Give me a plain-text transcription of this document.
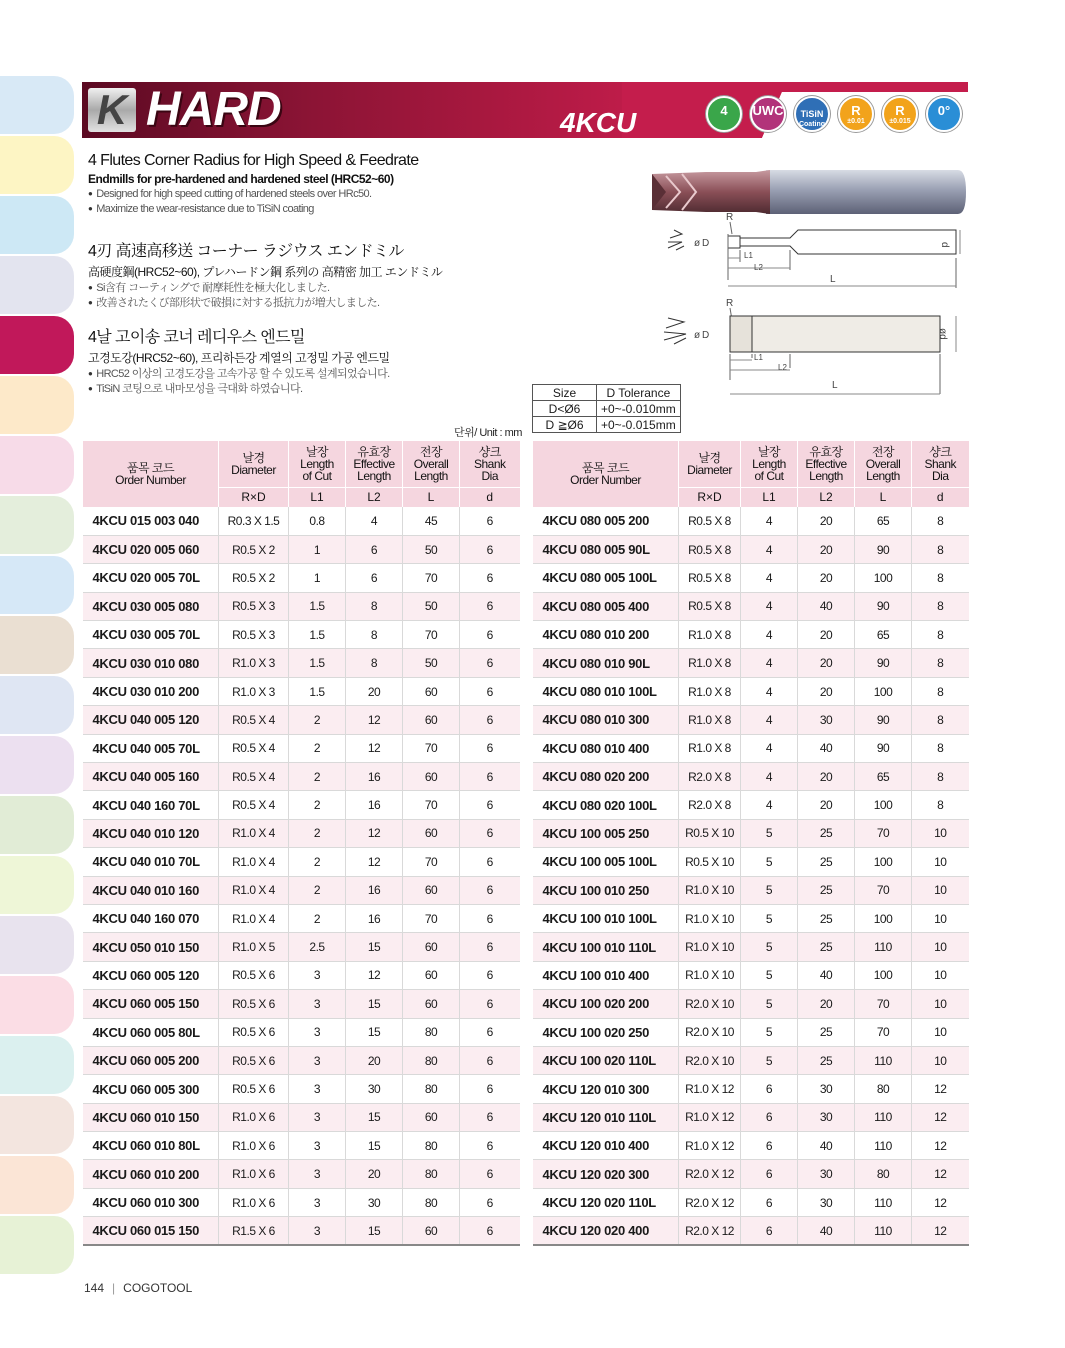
K HARD	4KCU	4	UWC	TiSiN
Coating
R
±0.01
R
±0.015
0°
4 Flutes Corner Radius for High Speed & Feedrate
Endmills for pre-hardened and hardened steel (HRC52~60)
● Designed for high speed cutting of hardened steels over HRc50.
● Maximize the wear-resistance due to TiSiN coating
4刃 高速高移送 コーナー ラジウス エンドミル
高硬度鋼(HRC52~60), プレハードン鋼 系列の 高精密 加工 エンドミル
● Si含有 コーティングで 耐摩耗性を極大化しました.
● 改善されたくび部形状で破損に対する抵抗力が増大しました.
4날 고이송 코너 레디우스 엔드밀
고경도강(HRC52~60), 프리하든강 계열의 고정밀 가공 엔드밀
● HRC52 이상의 고경도강을 고속가공 할 수 있도록 설계되었습니다.
● TiSiN 코팅으로 내마모성을 극대화 하였습니다.
R
ø D
L1
L2
L
d
R
ø D
L1
L2
L
ød
Size	D Tolerance
D<Ø6	+0~-0.010mm
D ≧Ø6	+0~-0.015mm
단위/ Unit : mm
품목 코드
Order Number	날경
Diameter	날장
Length
of Cut	유효장
Effective
Length	전장
Overall
Length	샹크
Shank
Dia
	R×D	L1	L2	L	d
4KCU 015 003 040	R0.3 X 1.5	0.8	4	45	6
4KCU 020 005 060	R0.5 X 2	1	6	50	6
4KCU 020 005 70L	R0.5 X 2	1	6	70	6
4KCU 030 005 080	R0.5 X 3	1.5	8	50	6
4KCU 030 005 70L	R0.5 X 3	1.5	8	70	6
4KCU 030 010 080	R1.0 X 3	1.5	8	50	6
4KCU 030 010 200	R1.0 X 3	1.5	20	60	6
4KCU 040 005 120	R0.5 X 4	2	12	60	6
4KCU 040 005 70L	R0.5 X 4	2	12	70	6
4KCU 040 005 160	R0.5 X 4	2	16	60	6
4KCU 040 160 70L	R0.5 X 4	2	16	70	6
4KCU 040 010 120	R1.0 X 4	2	12	60	6
4KCU 040 010 70L	R1.0 X 4	2	12	70	6
4KCU 040 010 160	R1.0 X 4	2	16	60	6
4KCU 040 160 070	R1.0 X 4	2	16	70	6
4KCU 050 010 150	R1.0 X 5	2.5	15	60	6
4KCU 060 005 120	R0.5 X 6	3	12	60	6
4KCU 060 005 150	R0.5 X 6	3	15	60	6
4KCU 060 005 80L	R0.5 X 6	3	15	80	6
4KCU 060 005 200	R0.5 X 6	3	20	80	6
4KCU 060 005 300	R0.5 X 6	3	30	80	6
4KCU 060 010 150	R1.0 X 6	3	15	60	6
4KCU 060 010 80L	R1.0 X 6	3	15	80	6
4KCU 060 010 200	R1.0 X 6	3	20	80	6
4KCU 060 010 300	R1.0 X 6	3	30	80	6
4KCU 060 015 150	R1.5 X 6	3	15	60	6
품목 코드
Order Number	날경
Diameter	날장
Length
of Cut	유효장
Effective
Length	전장
Overall
Length	샹크
Shank
Dia
	R×D	L1	L2	L	d
4KCU 080 005 200	R0.5 X 8	4	20	65	8
4KCU 080 005 90L	R0.5 X 8	4	20	90	8
4KCU 080 005 100L	R0.5 X 8	4	20	100	8
4KCU 080 005 400	R0.5 X 8	4	40	90	8
4KCU 080 010 200	R1.0 X 8	4	20	65	8
4KCU 080 010 90L	R1.0 X 8	4	20	90	8
4KCU 080 010 100L	R1.0 X 8	4	20	100	8
4KCU 080 010 300	R1.0 X 8	4	30	90	8
4KCU 080 010 400	R1.0 X 8	4	40	90	8
4KCU 080 020 200	R2.0 X 8	4	20	65	8
4KCU 080 020 100L	R2.0 X 8	4	20	100	8
4KCU 100 005 250	R0.5 X 10	5	25	70	10
4KCU 100 005 100L	R0.5 X 10	5	25	100	10
4KCU 100 010 250	R1.0 X 10	5	25	70	10
4KCU 100 010 100L	R1.0 X 10	5	25	100	10
4KCU 100 010 110L	R1.0 X 10	5	25	110	10
4KCU 100 010 400	R1.0 X 10	5	40	100	10
4KCU 100 020 200	R2.0 X 10	5	20	70	10
4KCU 100 020 250	R2.0 X 10	5	25	70	10
4KCU 100 020 110L	R2.0 X 10	5	25	110	10
4KCU 120 010 300	R1.0 X 12	6	30	80	12
4KCU 120 010 110L	R1.0 X 12	6	30	110	12
4KCU 120 010 400	R1.0 X 12	6	40	110	12
4KCU 120 020 300	R2.0 X 12	6	30	80	12
4KCU 120 020 110L	R2.0 X 12	6	30	110	12
4KCU 120 020 400	R2.0 X 12	6	40	110	12
144 | COGOTOOL
